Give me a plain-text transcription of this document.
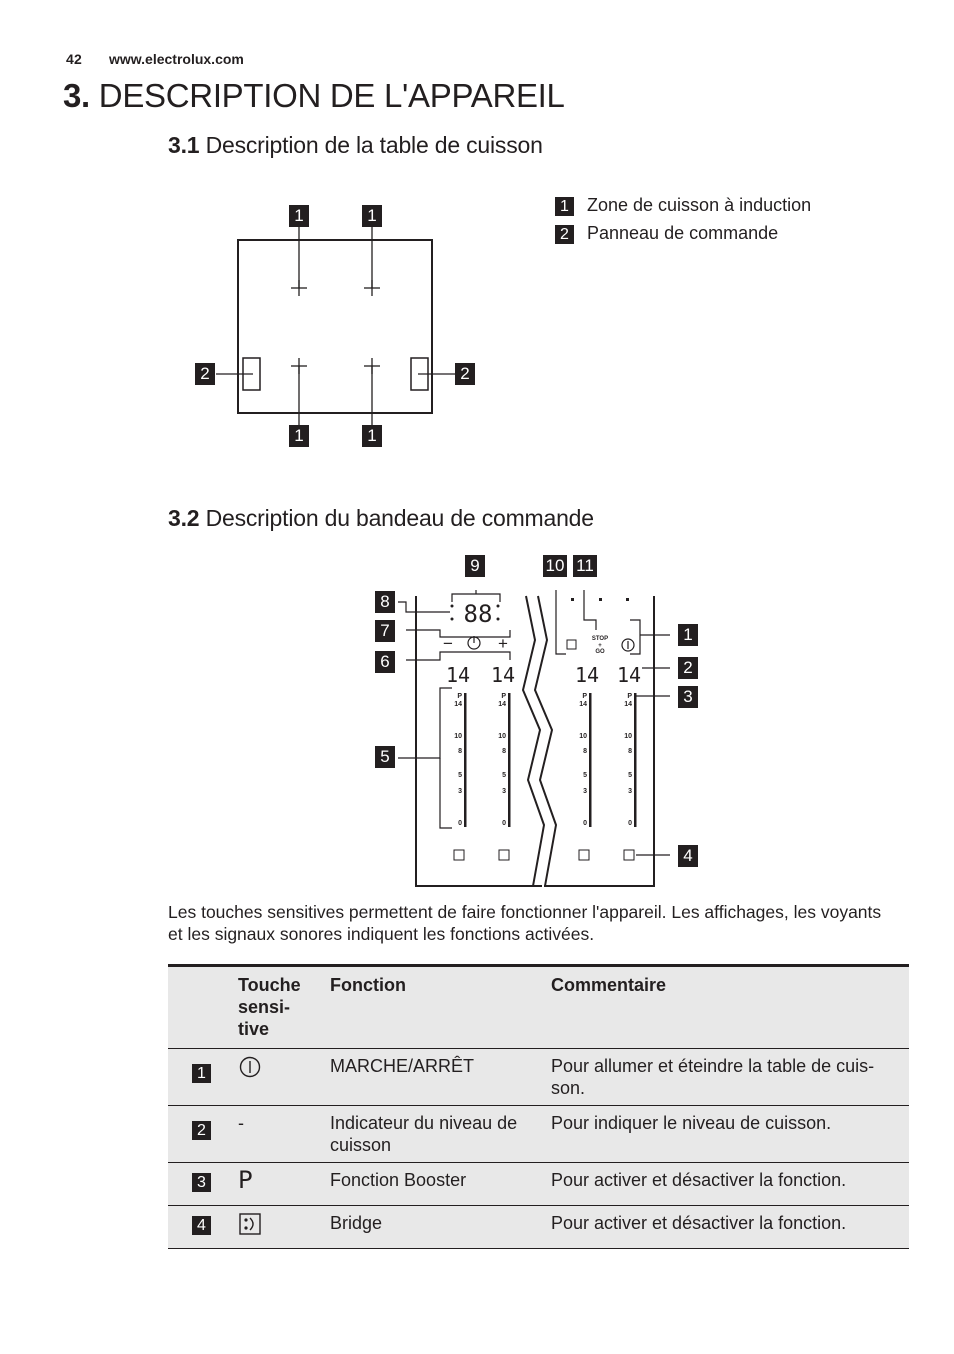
42 www.electrolux.com
3. DESCRIPTION DE L'APPAREIL
3.1 Description de la table de cuisson
1	1
1	1
2	2
1 Zone de cuisson à induction
2 Panneau de commande
3.2 Description du bandeau de commande
88
−	+
14 14	14 14
STOP
+
GO
P
14
10
8
5
3
0
P
14
10
8
5
3
0
P
14
10
8
5
3
0
P
14
10
8
5
3
0
9	10 11
8
7
6
5
1
2
3
4
Les touches sensitives permettent de faire fonctionner l'appareil. Les affichages, les voyants et les signaux sonores indiquent les fonctions activées.
	Touche
sensi-
tive	Fonction	Commentaire
1		MARCHE/ARRÊT	Pour allumer et éteindre la table de cuis-son.
2	-	Indicateur du niveau de cuisson	Pour indiquer le niveau de cuisson.
3	P	Fonction Booster	Pour activer et désactiver la fonction.
4		Bridge	Pour activer et désactiver la fonction.
